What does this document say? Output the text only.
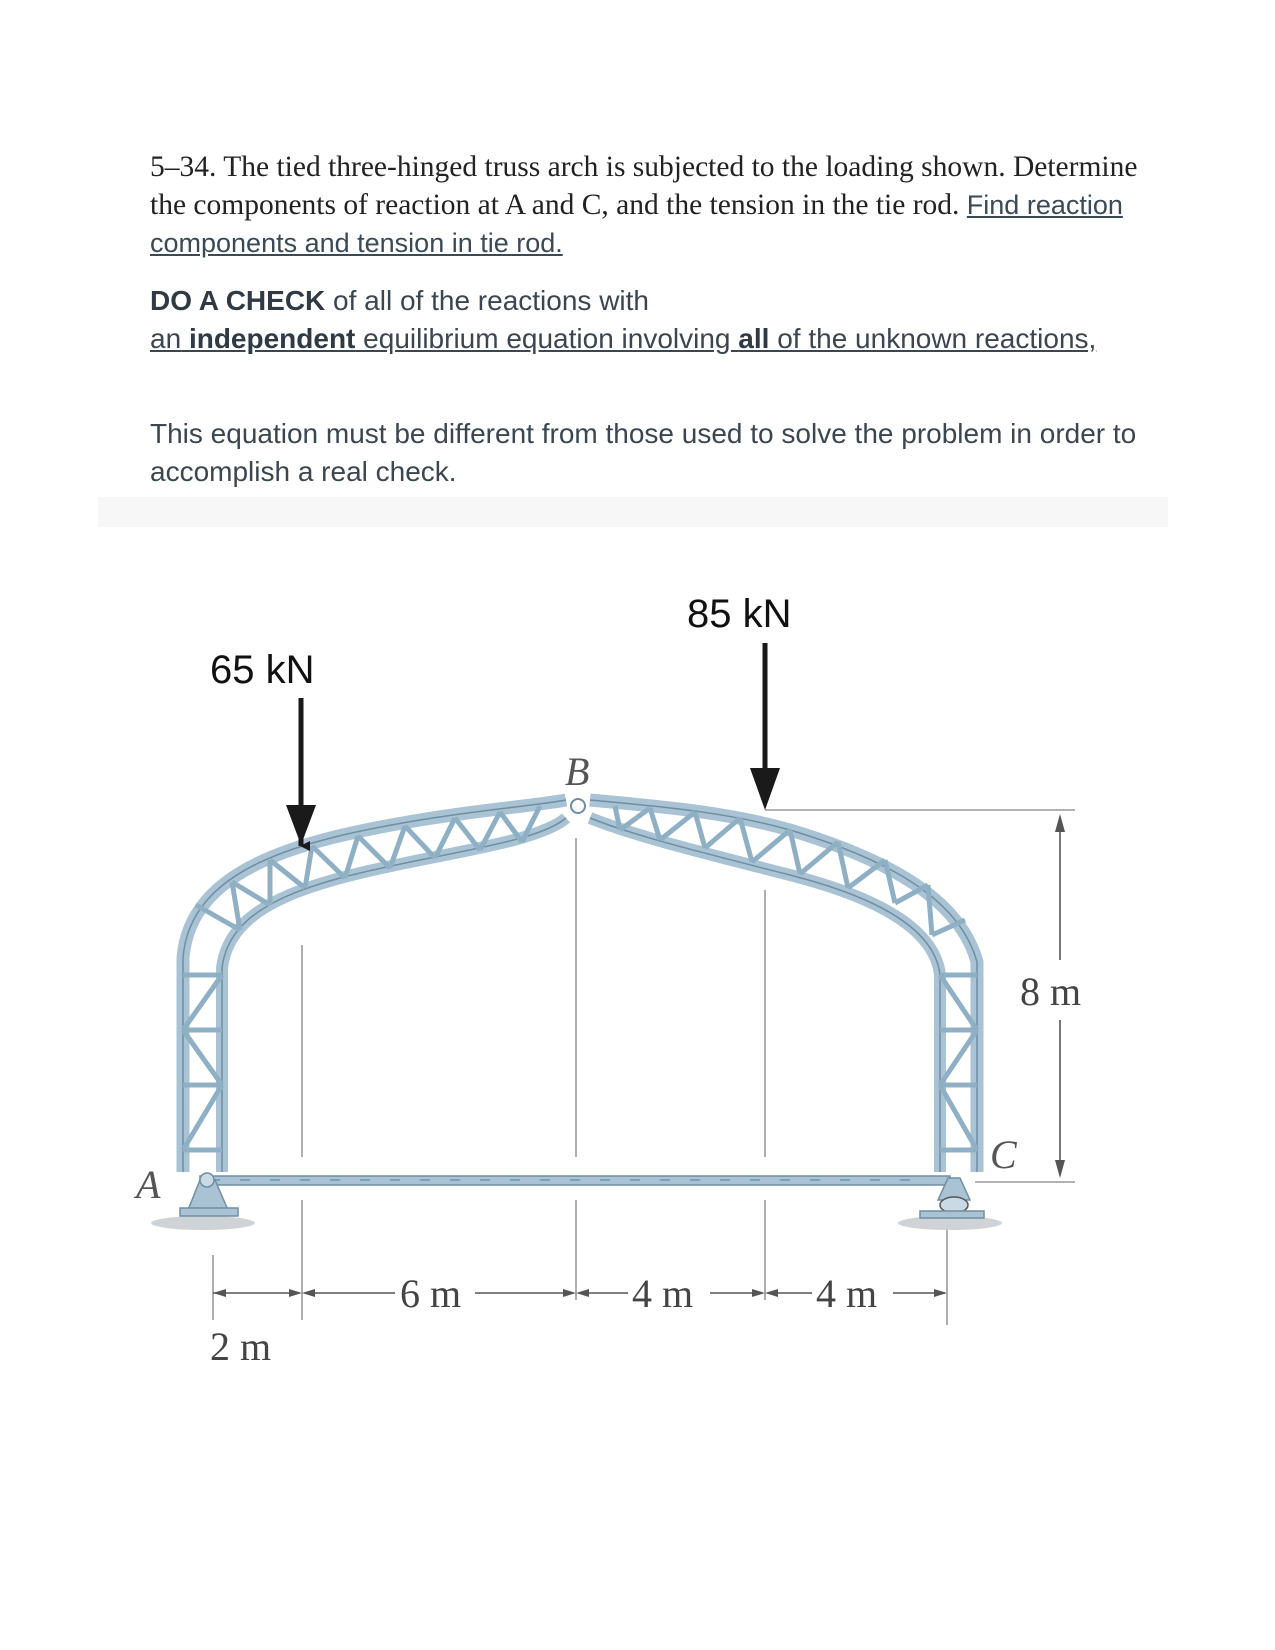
5–34. The tied three-hinged truss arch is subjected to the loading shown. Determine the components of reaction at A and C, and the tension in the tie rod. Find reaction components and tension in tie rod.
DO A CHECK of all of the reactions with
an independent equilibrium equation involving all of the unknown reactions,
This equation must be different from those used to solve the problem in order to accomplish a real check.
65 kN
85 kN
A
B
C
8 m
2 m
6 m	4 m	4 m
